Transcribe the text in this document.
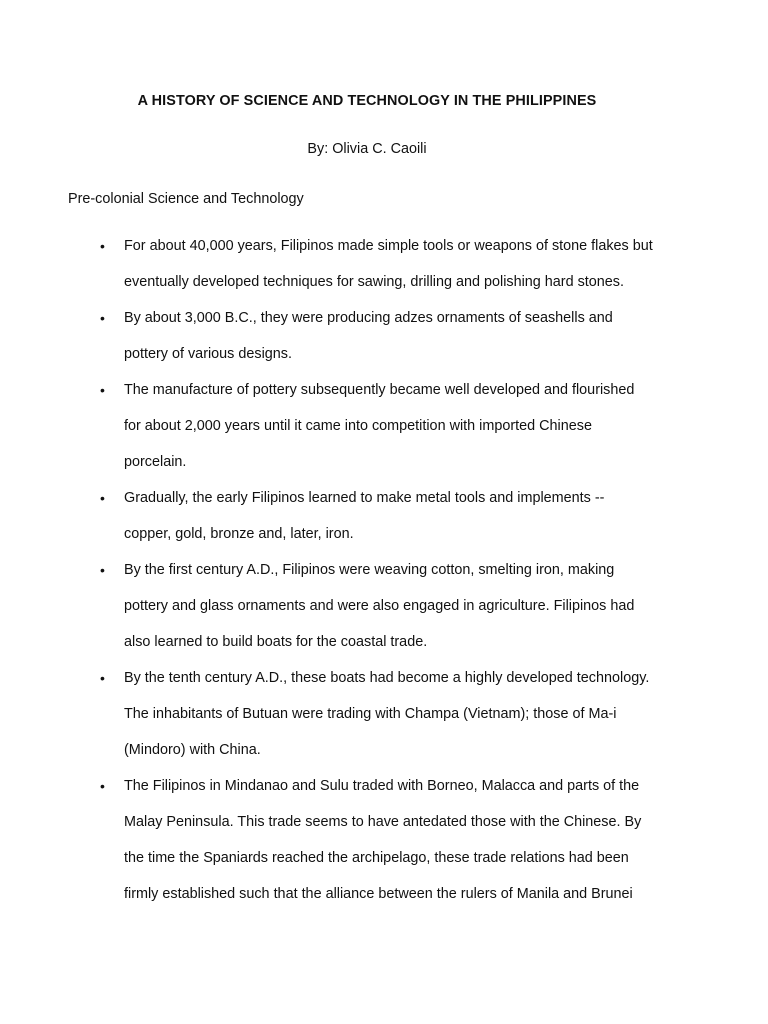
A HISTORY OF SCIENCE AND TECHNOLOGY IN THE PHILIPPINES
By: Olivia C. Caoili
Pre-colonial Science and Technology
• For about 40,000 years, Filipinos made simple tools or weapons of stone flakes but
eventually developed techniques for sawing, drilling and polishing hard stones.
• By about 3,000 B.C., they were producing adzes ornaments of seashells and
pottery of various designs.
• The manufacture of pottery subsequently became well developed and flourished
for about 2,000 years until it came into competition with imported Chinese
porcelain.
• Gradually, the early Filipinos learned to make metal tools and implements --
copper, gold, bronze and, later, iron.
• By the first century A.D., Filipinos were weaving cotton, smelting iron, making
pottery and glass ornaments and were also engaged in agriculture. Filipinos had
also learned to build boats for the coastal trade.
• By the tenth century A.D., these boats had become a highly developed technology.
The inhabitants of Butuan were trading with Champa (Vietnam); those of Ma-i
(Mindoro) with China.
• The Filipinos in Mindanao and Sulu traded with Borneo, Malacca and parts of the
Malay Peninsula. This trade seems to have antedated those with the Chinese. By
the time the Spaniards reached the archipelago, these trade relations had been
firmly established such that the alliance between the rulers of Manila and Brunei
